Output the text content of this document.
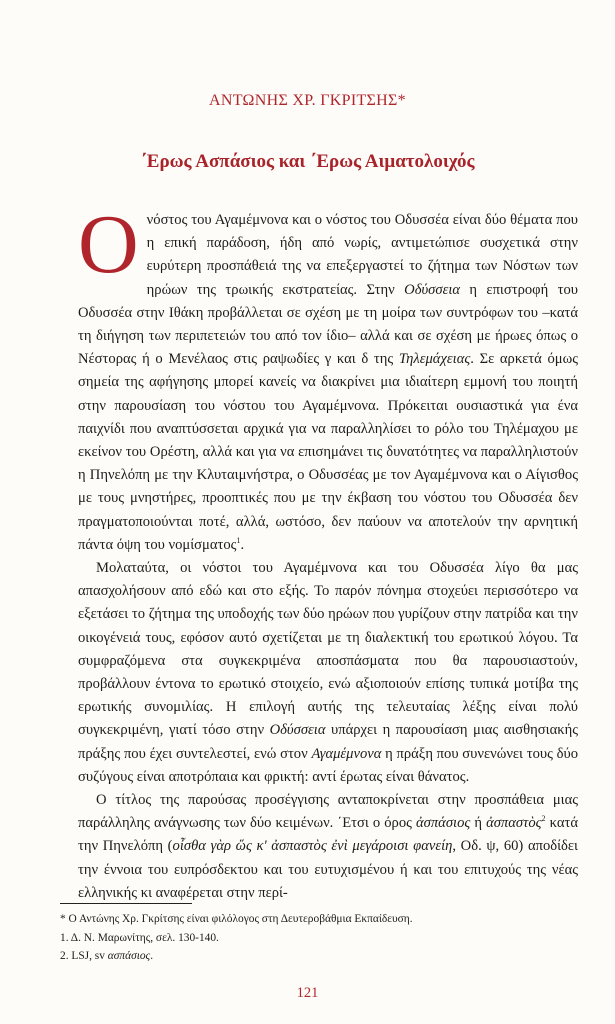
ΑΝΤΩΝΗΣ ΧΡ. ΓΚΡΙΤΣΗΣ*
΄Ερως Ασπάσιος και ΄Ερως Αιματολοιχός

Ονόστος του Αγαμέμνονα και ο νόστος του Οδυσσέα είναι δύο θέματα που η επική παράδοση, ήδη από νωρίς, αντιμετώπισε συσχετικά στην ευρύτερη προσπάθειά της να επεξεργαστεί το ζήτημα των Νόστων των ηρώων της τρωικής εκστρατείας. Στην Οδύσσεια η επιστροφή του Οδυσσέα στην Ιθάκη προβάλλεται σε σχέση με τη μοίρα των συντρόφων του –κατά τη διήγηση των περιπετειών του από τον ίδιο– αλλά και σε σχέση με ήρωες όπως ο Νέστορας ή ο Μενέλαος στις ραψωδίες γ και δ της Τηλεμάχειας. Σε αρκετά όμως σημεία της αφήγησης μπορεί κανείς να διακρίνει μια ιδιαίτερη εμμονή του ποιητή στην παρουσίαση του νόστου του Αγαμέμνονα. Πρόκειται ουσιαστικά για ένα παιχνίδι που αναπτύσσεται αρχικά για να παραλληλίσει το ρόλο του Τηλέμαχου με εκείνον του Ορέστη, αλλά και για να επισημάνει τις δυνατότητες να παραλληλιστούν η Πηνελόπη με την Κλυταιμνήστρα, ο Οδυσσέας με τον Αγαμέμνονα και ο Αίγισθος με τους μνηστήρες, προοπτικές που με την έκβαση του νόστου του Οδυσσέα δεν πραγματοποιούνται ποτέ, αλλά, ωστόσο, δεν παύουν να αποτελούν την αρνητική πάντα όψη του νομίσματος$^1$.

Μολαταύτα, οι νόστοι του Αγαμέμνονα και του Οδυσσέα λίγο θα μας απασχολήσουν από εδώ και στο εξής. Το παρόν πόνημα στοχεύει περισσότερο να εξετάσει το ζήτημα της υποδοχής των δύο ηρώων που γυρίζουν στην πατρίδα και την οικογένειά τους, εφόσον αυτό σχετίζεται με τη διαλεκτική του ερωτικού λόγου. Τα συμφραζόμενα στα συγκεκριμένα αποσπάσματα που θα παρουσιαστούν, προβάλλουν έντονα το ερωτικό στοιχείο, ενώ αξιοποιούν επίσης τυπικά μοτίβα της ερωτικής συνομιλίας. Η επιλογή αυτής της τελευταίας λέξης είναι πολύ συγκεκριμένη, γιατί τόσο στην Οδύσσεια υπάρχει η παρουσίαση μιας αισθησιακής πράξης που έχει συντελεστεί, ενώ στον Αγαμέμνονα η πράξη που συνενώνει τους δύο συζύγους είναι αποτρόπαια και φρικτή: αντί έρωτας είναι θάνατος.

Ο τίτλος της παρούσας προσέγγισης ανταποκρίνεται στην προσπάθεια μιας παράλληλης ανάγνωσης των δύο κειμένων. ΄Ετσι ο όρος ἀσπάσιος ή ἀσπαστὸς$^2$ κατά την Πηνελόπη (οἶσθα γὰρ ὥς κ' ἀσπαστὸς ἐνὶ μεγάροισι φανείη, Οδ. ψ, 60) αποδίδει την έννοια του ευπρόσδεκτου και του ευτυχισμένου ή και του επιτυχούς της νέας ελληνικής κι αναφέρεται στην περί-

* Ο Αντώνης Χρ. Γκρίτσης είναι φιλόλογος στη Δευτεροβάθμια Εκπαίδευση.

1. Δ. Ν. Μαρωνίτης, σελ. 130-140.

2. LSJ, sv ασπάσιος.

121
